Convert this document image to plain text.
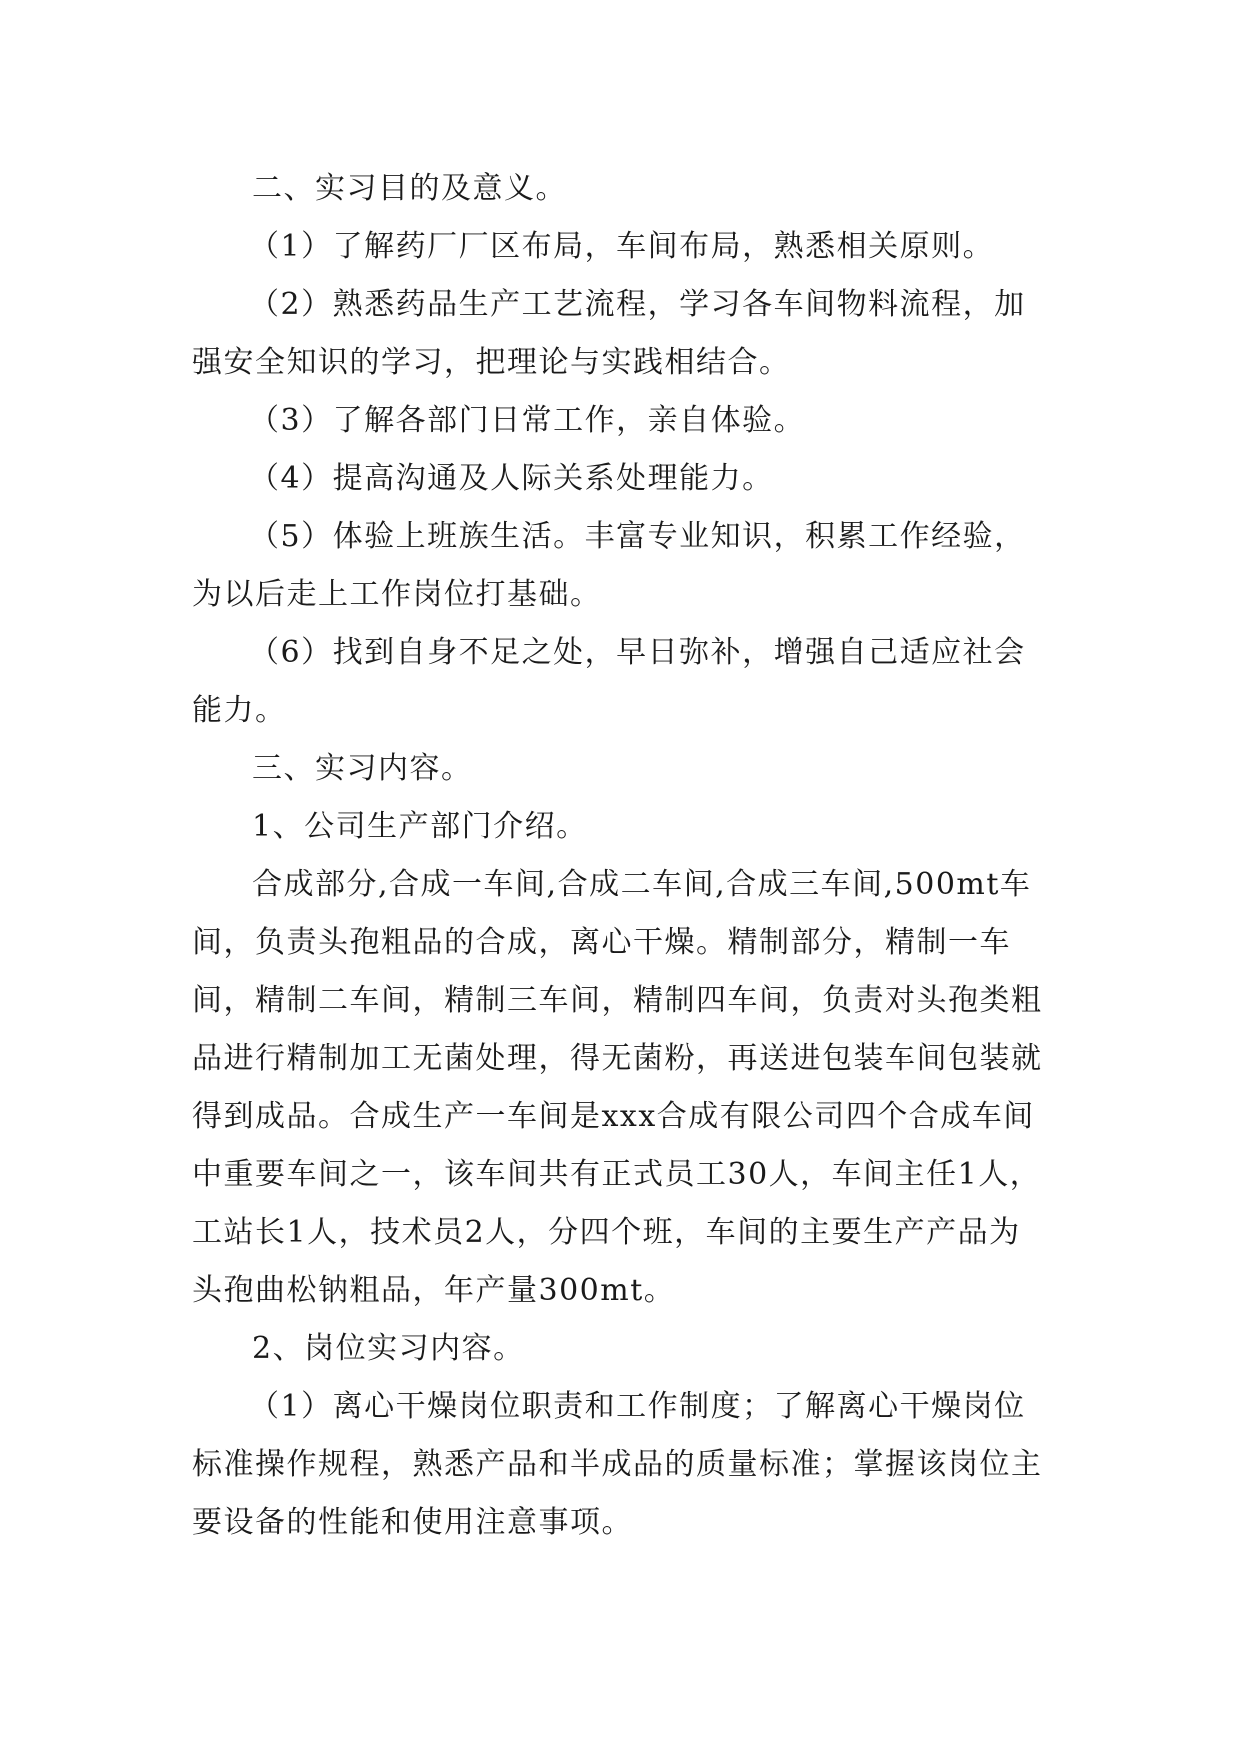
二、实习目的及意义。

（1）了解药厂厂区布局，车间布局，熟悉相关原则。

（2）熟悉药品生产工艺流程，学习各车间物料流程，加强安全知识的学习，把理论与实践相结合。

（3）了解各部门日常工作，亲自体验。

（4）提高沟通及人际关系处理能力。

（5）体验上班族生活。丰富专业知识，积累工作经验，为以后走上工作岗位打基础。

（6）找到自身不足之处，早日弥补，增强自己适应社会能力。

三、实习内容。

1、公司生产部门介绍。

合成部分,合成一车间,合成二车间,合成三车间,500mt车间，负责头孢粗品的合成，离心干燥。精制部分，精制一车间，精制二车间，精制三车间，精制四车间，负责对头孢类粗品进行精制加工无菌处理，得无菌粉，再送进包装车间包装就得到成品。合成生产一车间是xxx合成有限公司四个合成车间中重要车间之一，该车间共有正式员工30人，车间主任1人，工站长1人，技术员2人，分四个班，车间的主要生产产品为头孢曲松钠粗品，年产量300mt。

2、岗位实习内容。

（1）离心干燥岗位职责和工作制度；了解离心干燥岗位标准操作规程，熟悉产品和半成品的质量标准；掌握该岗位主要设备的性能和使用注意事项。
